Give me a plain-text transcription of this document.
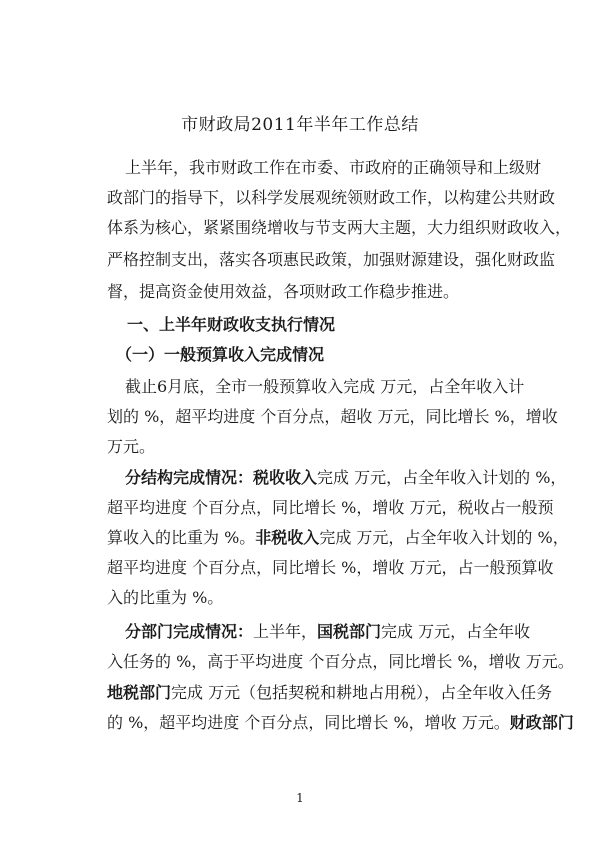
市财政局2011年半年工作总结
上半年，我市财政工作在市委、市政府的正确领导和上级财
政部门的指导下，以科学发展观统领财政工作，以构建公共财政
体系为核心，紧紧围绕增收与节支两大主题，大力组织财政收入，
严格控制支出，落实各项惠民政策，加强财源建设，强化财政监
督，提高资金使用效益，各项财政工作稳步推进。
一、上半年财政收支执行情况
（一）一般预算收入完成情况
截止6月底，全市一般预算收入完成 万元，占全年收入计
划的 %，超平均进度 个百分点，超收 万元，同比增长 %，增收
万元。
分结构完成情况：税收收入完成 万元，占全年收入计划的 %，
超平均进度 个百分点，同比增长 %，增收 万元，税收占一般预
算收入的比重为 %。非税收入完成 万元，占全年收入计划的 %，
超平均进度 个百分点，同比增长 %，增收 万元，占一般预算收
入的比重为 %。
分部门完成情况：上半年，国税部门完成 万元，占全年收
入任务的 %，高于平均进度 个百分点，同比增长 %，增收 万元。
地税部门完成 万元（包括契税和耕地占用税），占全年收入任务
的 %，超平均进度 个百分点，同比增长 %，增收 万元。财政部门
1
